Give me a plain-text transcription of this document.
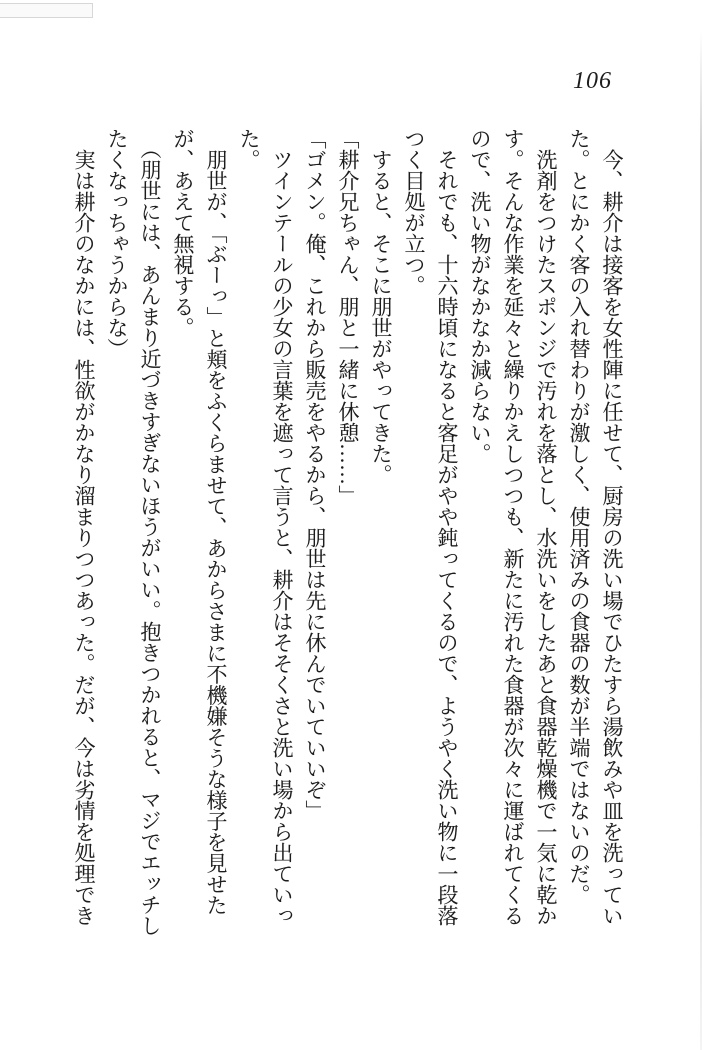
106
今、耕介は接客を女性陣に任せて、厨房の洗い場でひたすら湯飲みや皿を洗ってい
た。とにかく客の入れ替わりが激しく、使用済みの食器の数が半端ではないのだ。
洗剤をつけたスポンジで汚れを落とし、水洗いをしたあと食器乾燥機で一気に乾か
す。そんな作業を延々と繰りかえしつつも、新たに汚れた食器が次々に運ばれてくる
ので、洗い物がなかなか減らない。
それでも、十六時頃になると客足がやや鈍ってくるので、ようやく洗い物に一段落
つく目処が立つ。
すると、そこに朋世がやってきた。
「耕介兄ちゃん、朋と一緒に休憩……」
「ゴメン。俺、これから販売をやるから、朋世は先に休んでいていいぞ」
ツインテールの少女の言葉を遮って言うと、耕介はそそくさと洗い場から出ていっ
た。
朋世が、「ぶーっ」と頬をふくらませて、あからさまに不機嫌そうな様子を見せた
が、あえて無視する。
（朋世には、あんまり近づきすぎないほうがいい。抱きつかれると、マジでエッチし
たくなっちゃうからな）
実は耕介のなかには、性欲がかなり溜まりつつあった。だが、今は劣情を処理でき
